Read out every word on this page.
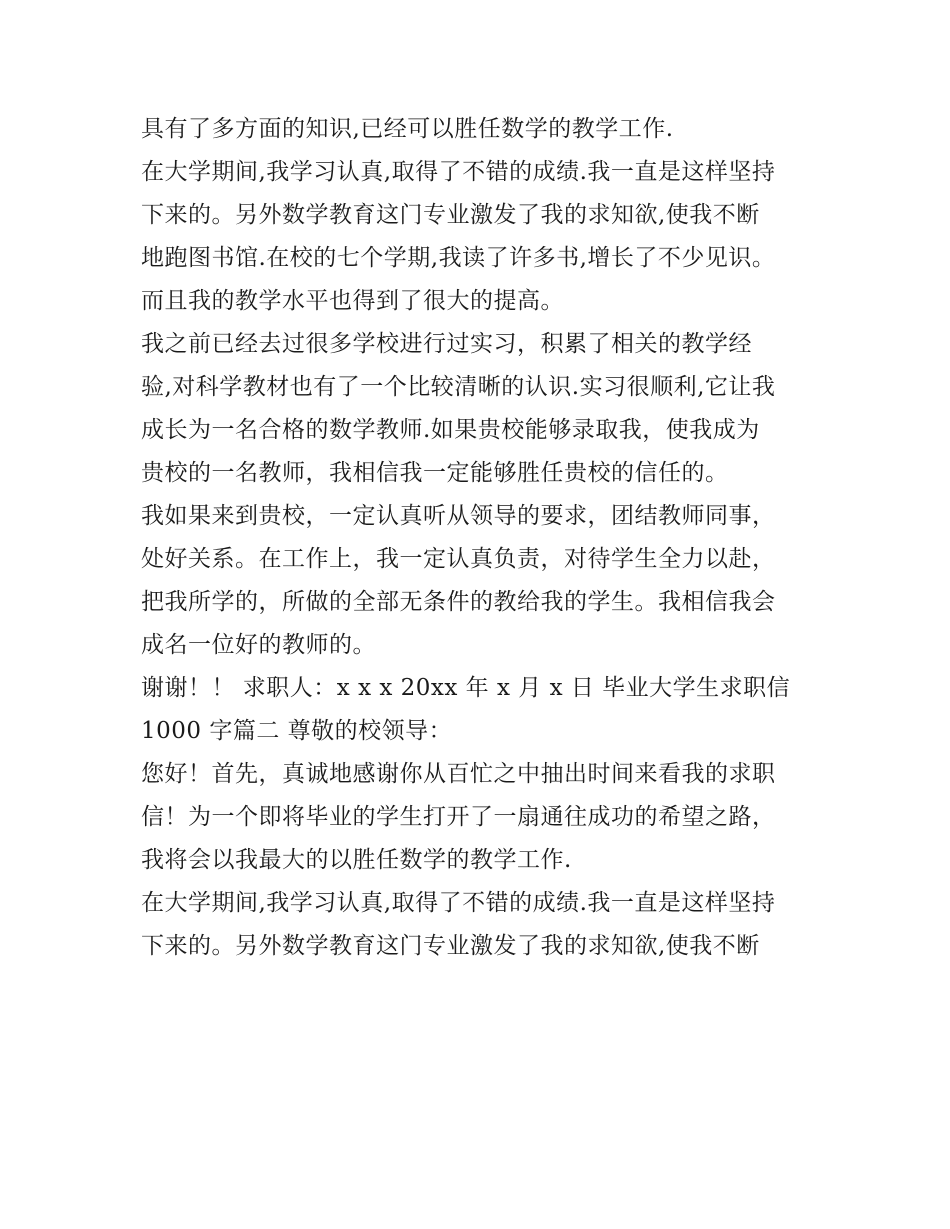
具有了多方面的知识,已经可以胜任数学的教学工作.
在大学期间,我学习认真,取得了不错的成绩.我一直是这样坚持
下来的。另外数学教育这门专业激发了我的求知欲,使我不断
地跑图书馆.在校的七个学期,我读了许多书,增长了不少见识。
而且我的教学水平也得到了很大的提高。
我之前已经去过很多学校进行过实习，积累了相关的教学经
验,对科学教材也有了一个比较清晰的认识.实习很顺利,它让我
成长为一名合格的数学教师.如果贵校能够录取我，使我成为
贵校的一名教师，我相信我一定能够胜任贵校的信任的。
我如果来到贵校，一定认真听从领导的要求，团结教师同事，
处好关系。在工作上，我一定认真负责，对待学生全力以赴，
把我所学的，所做的全部无条件的教给我的学生。我相信我会
成名一位好的教师的。
谢谢！！ 求职人：x x x 20xx 年 x 月 x 日 毕业大学生求职信
1000 字篇二 尊敬的校领导：
您好！首先，真诚地感谢你从百忙之中抽出时间来看我的求职
信！为一个即将毕业的学生打开了一扇通往成功的希望之路，
我将会以我最大的以胜任数学的教学工作.
在大学期间,我学习认真,取得了不错的成绩.我一直是这样坚持
下来的。另外数学教育这门专业激发了我的求知欲,使我不断
